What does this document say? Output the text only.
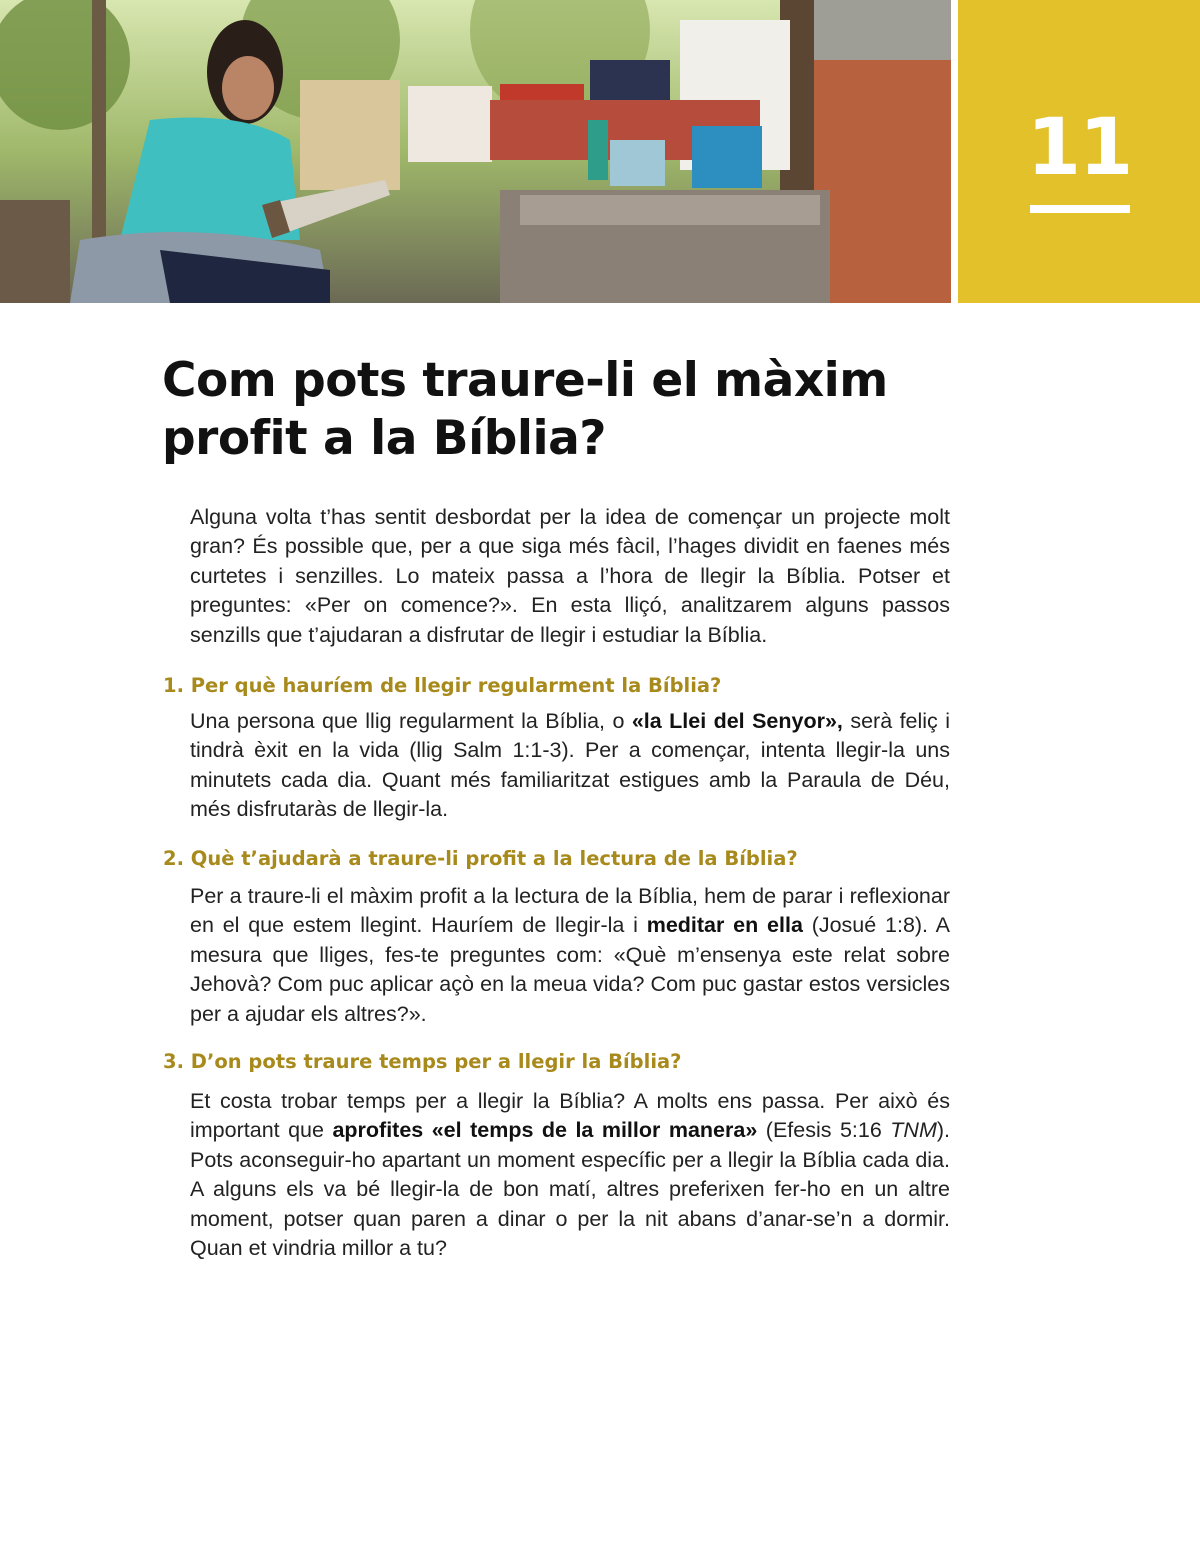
11
Com pots traure-li el màxim profit a la Bíblia?

Alguna volta t’has sentit desbordat per la idea de començar un projecte molt gran? És possible que, per a que siga més fàcil, l’hages dividit en faenes més curtetes i senzilles. Lo mateix passa a l’hora de llegir la Bíblia. Potser et preguntes: «Per on comence?». En esta lliçó, analitzarem alguns passos senzills que t’ajudaran a disfrutar de llegir i estudiar la Bíblia.

1. Per què hauríem de llegir regularment la Bíblia?

Una persona que llig regularment la Bíblia, o «la Llei del Senyor», serà feliç i tindrà èxit en la vida (llig Salm 1:1-3). Per a començar, intenta llegir-la uns minutets cada dia. Quant més familiaritzat estigues amb la Paraula de Déu, més disfrutaràs de llegir-la.

2. Què t’ajudarà a traure-li profit a la lectura de la Bíblia?

Per a traure-li el màxim profit a la lectura de la Bíblia, hem de parar i reflexionar en el que estem llegint. Hauríem de llegir-la i meditar en ella (Josué 1:8). A mesura que lliges, fes-te preguntes com: «Què m’ensenya este relat sobre Jehovà? Com puc aplicar açò en la meua vida? Com puc gastar estos versicles per a ajudar els altres?».

3. D’on pots traure temps per a llegir la Bíblia?

Et costa trobar temps per a llegir la Bíblia? A molts ens passa. Per això és important que aprofites «el temps de la millor manera» (Efesis 5:16 TNM). Pots aconseguir-ho apartant un moment específic per a llegir la Bíblia cada dia. A alguns els va bé llegir-la de bon matí, altres preferixen fer-ho en un altre moment, potser quan paren a dinar o per la nit abans d’anar-se’n a dormir. Quan et vindria millor a tu?
